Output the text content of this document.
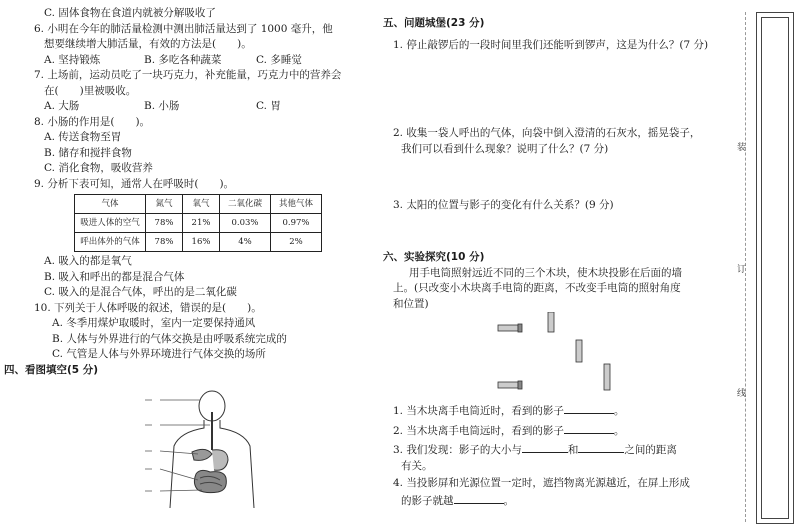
C. 固体食物在食道内就被分解吸收了
6. 小明在今年的肺活量检测中测出肺活量达到了 1000 毫升，他
想要继续增大肺活量，有效的方法是(　　)。
A. 坚持锻炼	B. 多吃各种蔬菜	C. 多睡觉
7. 上场前，运动员吃了一块巧克力，补充能量，巧克力中的营养会
在(　　)里被吸收。
A. 大肠	B. 小肠	C. 胃
8. 小肠的作用是(　　)。
A. 传送食物至胃
B. 储存和搅拌食物
C. 消化食物，吸收营养
9. 分析下表可知，通常人在呼吸时(　　)。
气体	氮气	氧气	二氧化碳	其他气体
吸进人体的空气	78%	21%	0.03%	0.97%
呼出体外的气体	78%	16%	4%	2%
A. 吸入的都是氧气
B. 吸入和呼出的都是混合气体
C. 吸入的是混合气体，呼出的是二氧化碳
10. 下列关于人体呼吸的叙述，错误的是(　　)。
A. 冬季用煤炉取暖时，室内一定要保持通风
B. 人体与外界进行的气体交换是由呼吸系统完成的
C. 气管是人体与外界环境进行气体交换的场所
四、看图填空(5 分)
五、问题城堡(23 分)
1. 停止敲锣后的一段时间里我们还能听到锣声，这是为什么？(7 分)
2. 收集一袋人呼出的气体，向袋中倒入澄清的石灰水，摇晃袋子，
我们可以看到什么现象？说明了什么？(7 分)
3. 太阳的位置与影子的变化有什么关系？(9 分)
六、实验探究(10 分)
用手电筒照射远近不同的三个木块，使木块投影在后面的墙
上。(只改变小木块离手电筒的距离，不改变手电筒的照射角度
和位置)
1. 当木块离手电筒近时，看到的影子	。
2. 当木块离手电筒远时，看到的影子	。
3. 我们发现：影子的大小与	和	之间的距离
有关。
4. 当投影屏和光源位置一定时，遮挡物离光源越近，在屏上形成
的影子就越	。
装
订
线
